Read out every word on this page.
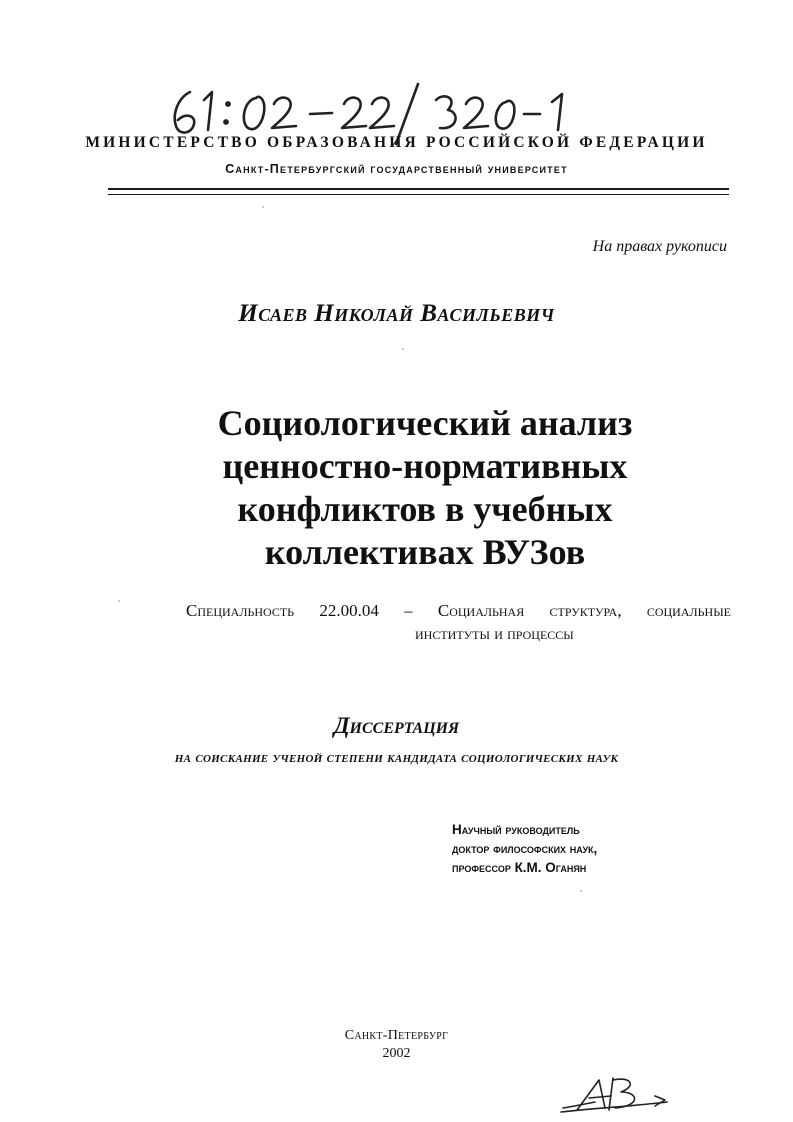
МИНИСТЕРСТВО ОБРАЗОВАНИЯ РОССИЙСКОЙ ФЕДЕРАЦИИ
Санкт-Петербургский государственный университет
На правах рукописи
Исаев Николай Васильевич
Социологический анализ
ценностно-нормативных
конфликтов в учебных
коллективах ВУЗов
Специальность 22.00.04 – Социальная структура, социальные
институты и процессы
Диссертация
на соискание ученой степени кандидата социологических наук
Научный руководитель
доктор философских наук,
профессор К.М. Оганян
Санкт-Петербург
2002
